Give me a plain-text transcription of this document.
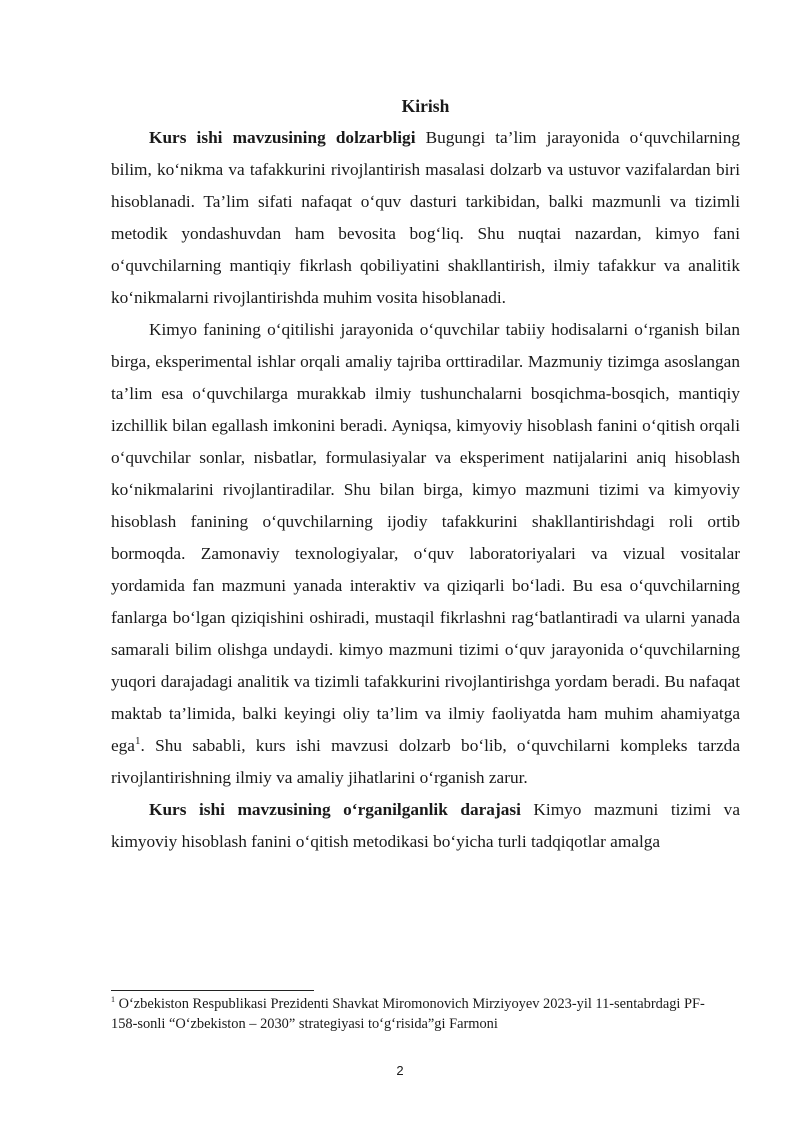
Kirish

Kurs ishi mavzusining dolzarbligi Bugungi ta’lim jarayonida o‘quvchilarning bilim, ko‘nikma va tafakkurini rivojlantirish masalasi dolzarb va ustuvor vazifalardan biri hisoblanadi. Ta’lim sifati nafaqat o‘quv dasturi tarkibidan, balki mazmunli va tizimli metodik yondashuvdan ham bevosita bog‘liq. Shu nuqtai nazardan, kimyo fani o‘quvchilarning mantiqiy fikrlash qobiliyatini shakllantirish, ilmiy tafakkur va analitik ko‘nikmalarni rivojlantirishda muhim vosita hisoblanadi.

Kimyo fanining o‘qitilishi jarayonida o‘quvchilar tabiiy hodisalarni o‘rganish bilan birga, eksperimental ishlar orqali amaliy tajriba orttiradilar. Mazmuniy tizimga asoslangan ta’lim esa o‘quvchilarga murakkab ilmiy tushunchalarni bosqichma-bosqich, mantiqiy izchillik bilan egallash imkonini beradi. Ayniqsa, kimyoviy hisoblash fanini o‘qitish orqali o‘quvchilar sonlar, nisbatlar, formulasiyalar va eksperiment natijalarini aniq hisoblash ko‘nikmalarini rivojlantiradilar. Shu bilan birga, kimyo mazmuni tizimi va kimyoviy hisoblash fanining o‘quvchilarning ijodiy tafakkurini shakllantirishdagi roli ortib bormoqda. Zamonaviy texnologiyalar, o‘quv laboratoriyalari va vizual vositalar yordamida fan mazmuni yanada interaktiv va qiziqarli bo‘ladi. Bu esa o‘quvchilarning fanlarga bo‘lgan qiziqishini oshiradi, mustaqil fikrlashni rag‘batlantiradi va ularni yanada samarali bilim olishga undaydi. kimyo mazmuni tizimi o‘quv jarayonida o‘quvchilarning yuqori darajadagi analitik va tizimli tafakkurini rivojlantirishga yordam beradi. Bu nafaqat maktab ta’limida, balki keyingi oliy ta’lim va ilmiy faoliyatda ham muhim ahamiyatga ega$^1$. Shu sababli, kurs ishi mavzusi dolzarb bo‘lib, o‘quvchilarni kompleks tarzda rivojlantirishning ilmiy va amaliy jihatlarini o‘rganish zarur.

Kurs ishi mavzusining o‘rganilganlik darajasi Kimyo mazmuni tizimi va kimyoviy hisoblash fanini o‘qitish metodikasi bo‘yicha turli tadqiqotlar amalga

$^1$ O‘zbekiston Respublikasi Prezidenti Shavkat Miromonovich Mirziyoyev 2023-yil 11-sentabrdagi PF-158-sonli “O‘zbekiston – 2030” strategiyasi to‘g‘risida”gi Farmoni
2
